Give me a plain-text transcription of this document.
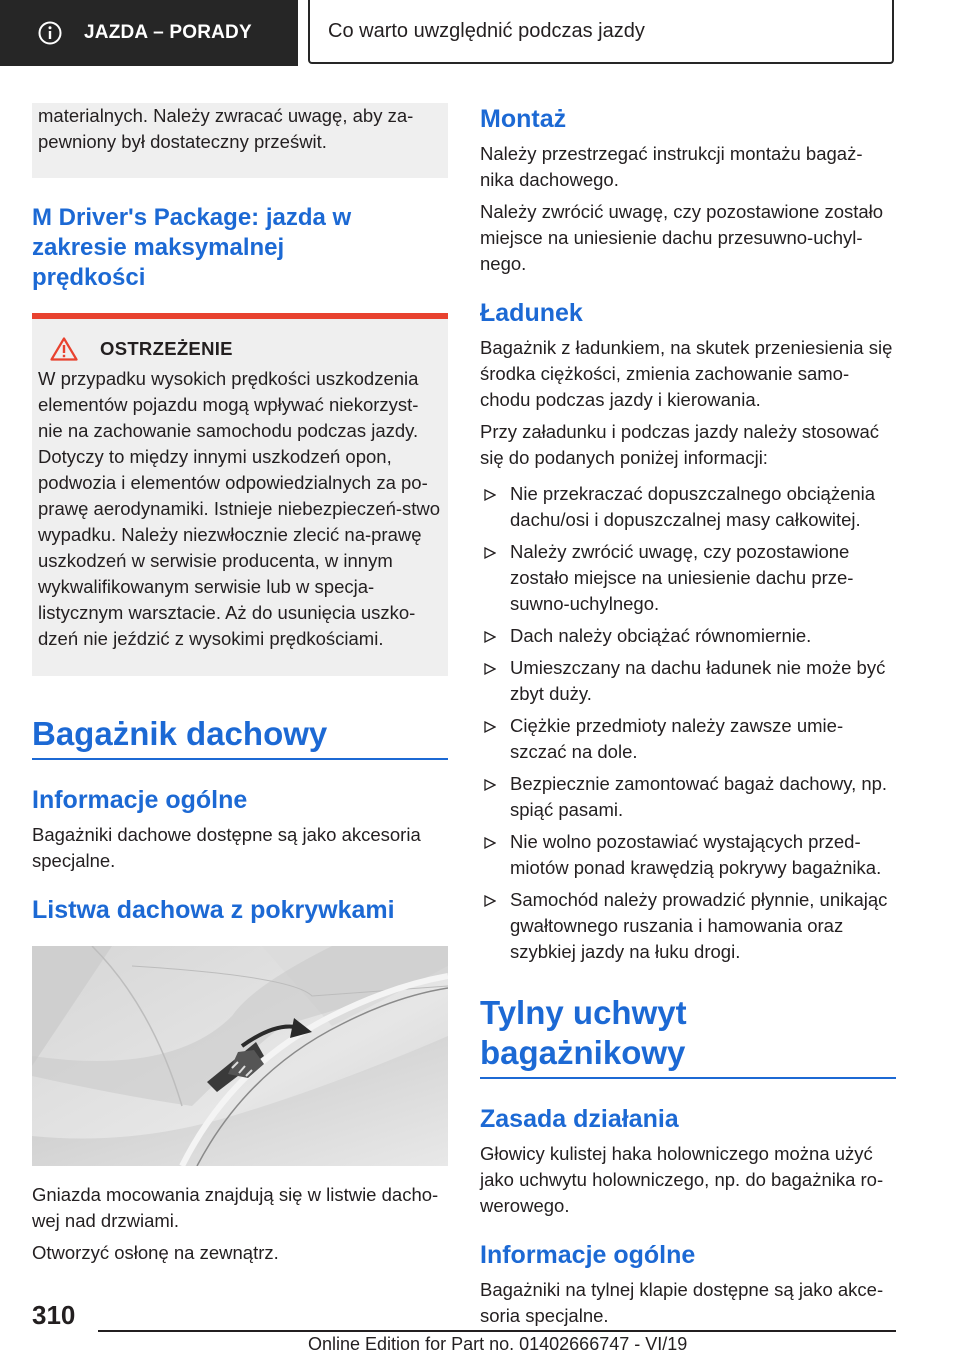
JAZDA – PORADY	Co warto uwzględnić podczas jazdy

materialnych. Należy zwracać uwagę, aby za-pewniony był dostateczny prześwit.

M Driver's Package: jazda w zakresie maksymalnej prędkości
OSTRZEŻENIE

W przypadku wysokich prędkości uszkodzenia elementów pojazdu mogą wpływać niekorzyst-nie na zachowanie samochodu podczas jazdy. Dotyczy to między innymi uszkodzeń opon, podwozia i elementów odpowiedzialnych za po-prawę aerodynamiki. Istnieje niebezpieczeń-stwo wypadku. Należy niezwłocznie zlecić na-prawę uszkodzeń w serwisie producenta, w innym wykwalifikowanym serwisie lub w specja-listycznym warsztacie. Aż do usunięcia uszko-dzeń nie jeździć z wysokimi prędkościami.

Bagażnik dachowy
Informacje ogólne

Bagażniki dachowe dostępne są jako akcesoria specjalne.

Listwa dachowa z pokrywkami

Gniazda mocowania znajdują się w listwie dacho-wej nad drzwiami.

Otworzyć osłonę na zewnątrz.

Montaż

Należy przestrzegać instrukcji montażu bagaż-nika dachowego.

Należy zwrócić uwagę, czy pozostawione zostało miejsce na uniesienie dachu przesuwno-uchyl-nego.

Ładunek

Bagażnik z ładunkiem, na skutek przeniesienia się środka ciężkości, zmienia zachowanie samo-chodu podczas jazdy i kierowania.

Przy załadunku i podczas jazdy należy stosować się do podanych poniżej informacji:

Nie przekraczać dopuszczalnego obciążenia dachu/osi i dopuszczalnej masy całkowitej.
Należy zwrócić uwagę, czy pozostawione zostało miejsce na uniesienie dachu prze-suwno-uchylnego.
Dach należy obciążać równomiernie.
Umieszczany na dachu ładunek nie może być zbyt duży.
Ciężkie przedmioty należy zawsze umie-szczać na dole.
Bezpiecznie zamontować bagaż dachowy, np. spiąć pasami.
Nie wolno pozostawiać wystających przed-miotów ponad krawędzią pokrywy bagażnika.
Samochód należy prowadzić płynnie, unikając gwałtownego ruszania i hamowania oraz szybkiej jazdy na łuku drogi.
Tylny uchwyt bagażnikowy
Zasada działania

Głowicy kulistej haka holowniczego można użyć jako uchwytu holowniczego, np. do bagażnika ro-werowego.

Informacje ogólne

Bagażniki na tylnej klapie dostępne są jako akce-soria specjalne.

310
Online Edition for Part no. 01402666747 - VI/19
